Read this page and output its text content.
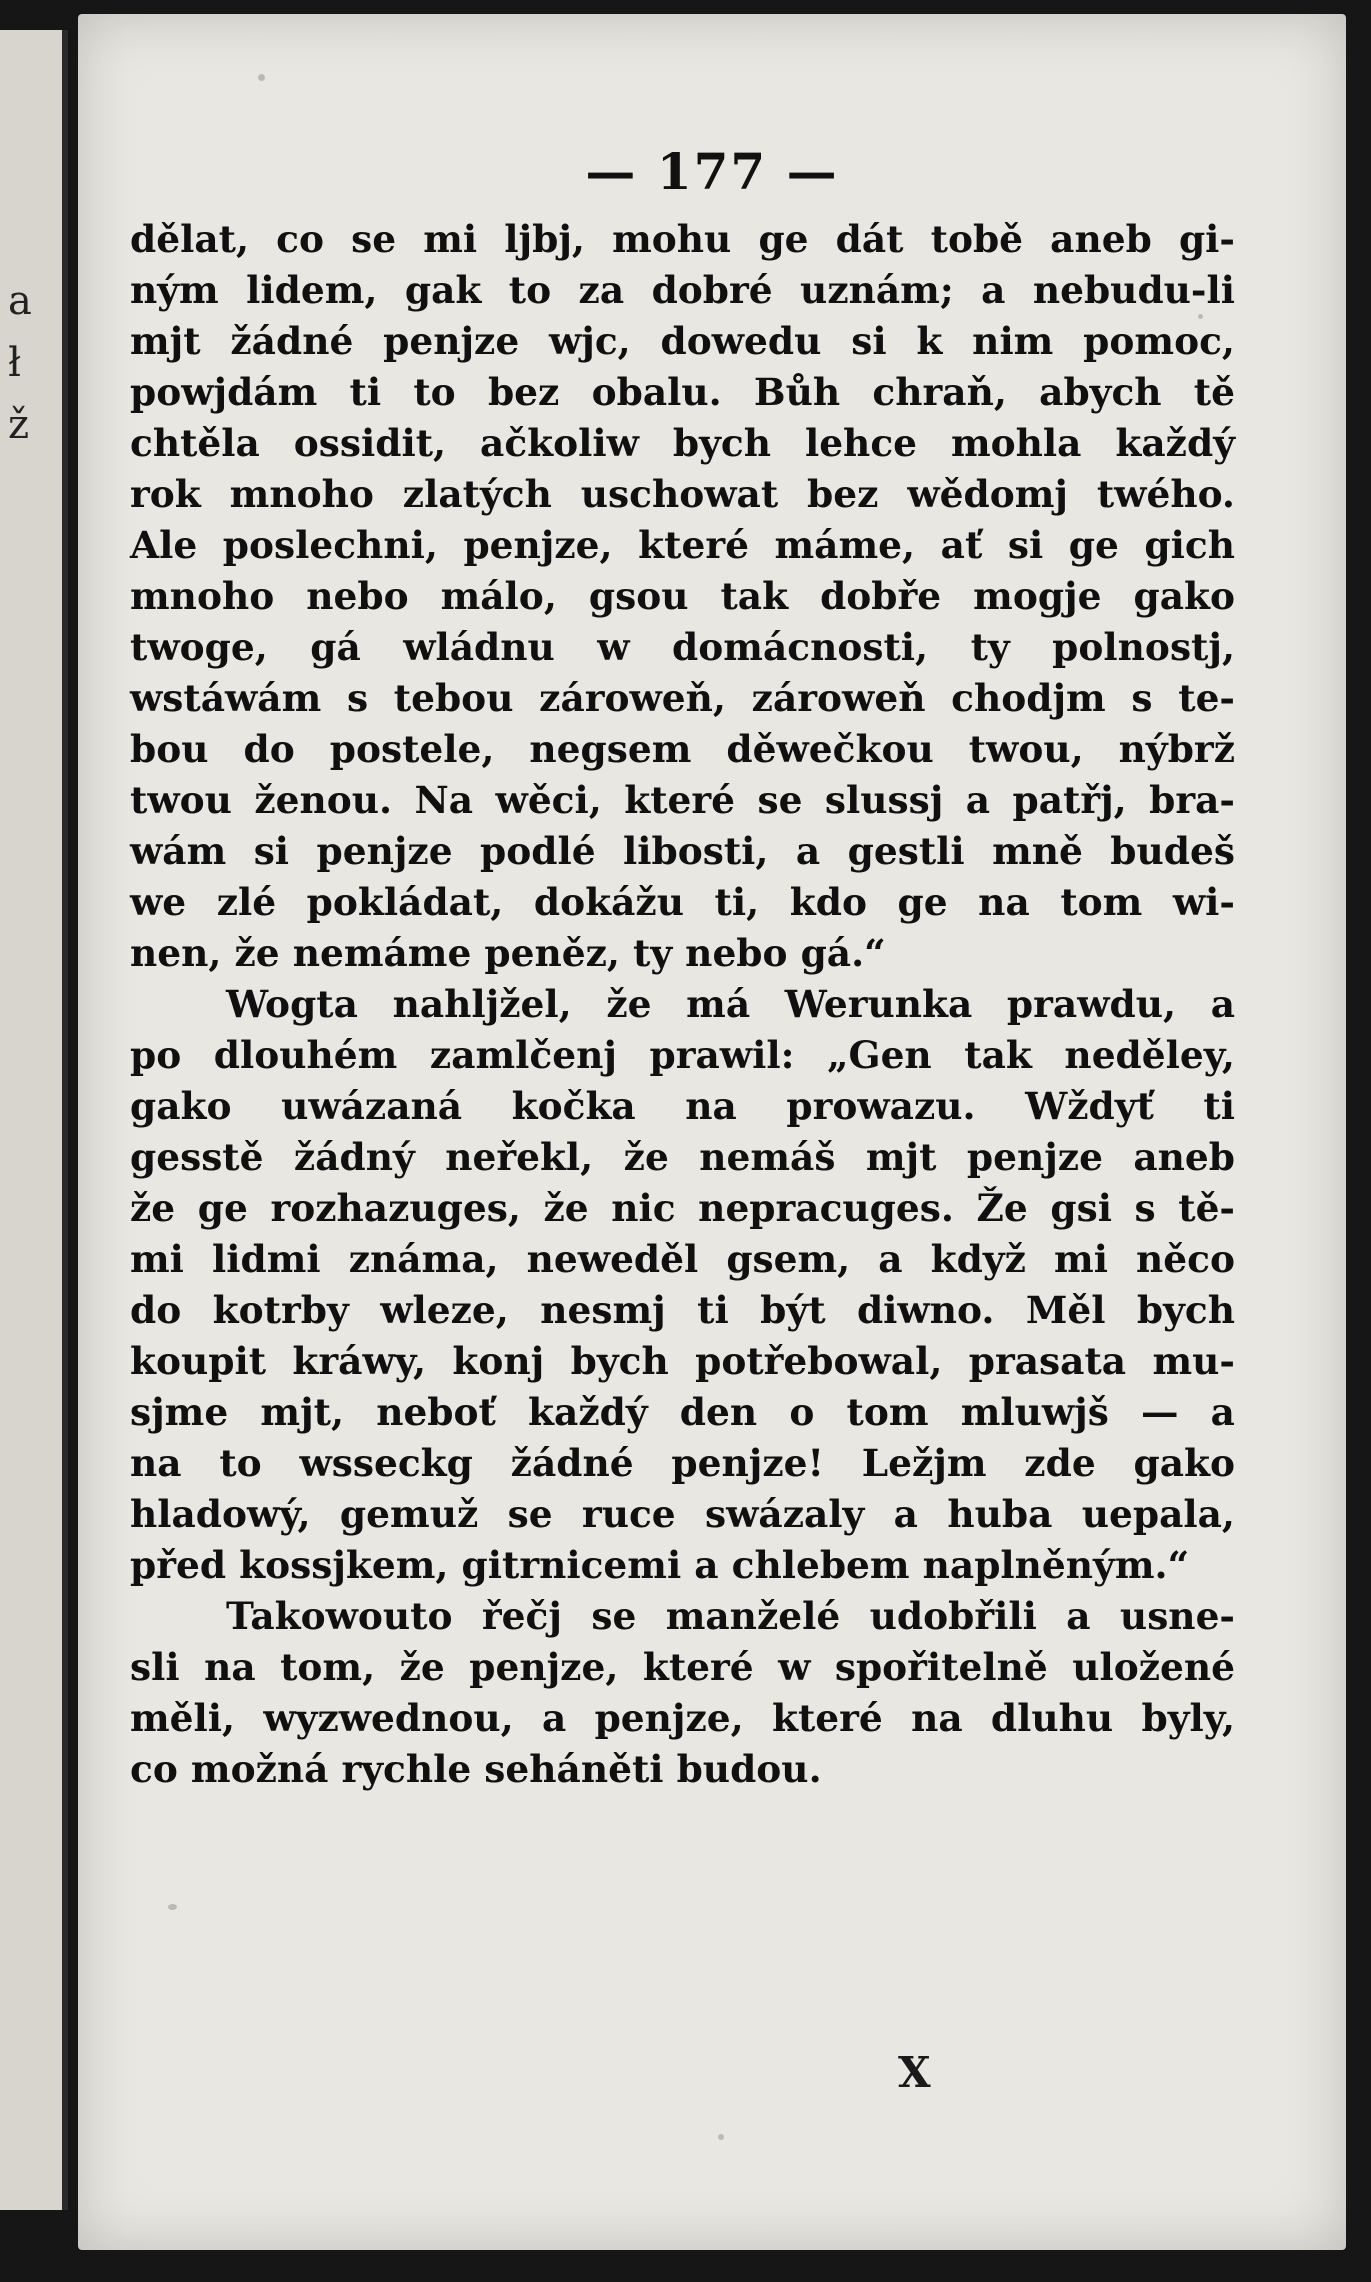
a
ł
ž
— 177 —
dělat, co se mi ljbj, mohu ge dát tobě aneb gi-
ným lidem, gak to za dobré uznám; a nebudu-li
mjt žádné penjze wjc, dowedu si k nim pomoc,
powjdám ti to bez obalu. Bůh chraň, abych tě
chtěla ossidit, ačkoliw bych lehce mohla každý
rok mnoho zlatých uschowat bez wědomj twého.
Ale poslechni, penjze, které máme, ať si ge gich
mnoho nebo málo, gsou tak dobře mogje gako
twoge, gá wládnu w domácnosti, ty polnostj,
wstáwám s tebou zároweň, zároweň chodjm s te-
bou do postele, negsem děwečkou twou, nýbrž
twou ženou. Na wěci, které se slussj a patřj, bra-
wám si penjze podlé libosti, a gestli mně budeš
we zlé pokládat, dokážu ti, kdo ge na tom wi-
nen, že nemáme peněz, ty nebo gá.“
Wogta nahljžel, že má Werunka prawdu, a
po dlouhém zamlčenj prawil: „Gen tak neděley,
gako uwázaná kočka na prowazu. Wždyť ti
gesstě žádný neřekl, že nemáš mjt penjze aneb
že ge rozhazuges, že nic nepracuges. Že gsi s tě-
mi lidmi známa, neweděl gsem, a když mi něco
do kotrby wleze, nesmj ti být diwno. Měl bych
koupit kráwy, konj bych potřebowal, prasata mu-
sjme mjt, neboť každý den o tom mluwjš — a
na to wsseckg žádné penjze! Ležjm zde gako
hladowý, gemuž se ruce swázaly a huba uepala,
před kossjkem, gitrnicemi a chlebem naplněným.“
Takowouto řečj se manželé udobřili a usne-
sli na tom, že penjze, které w spořitelně uložené
měli, wyzwednou, a penjze, které na dluhu byly,
co možná rychle seháněti budou.
X
